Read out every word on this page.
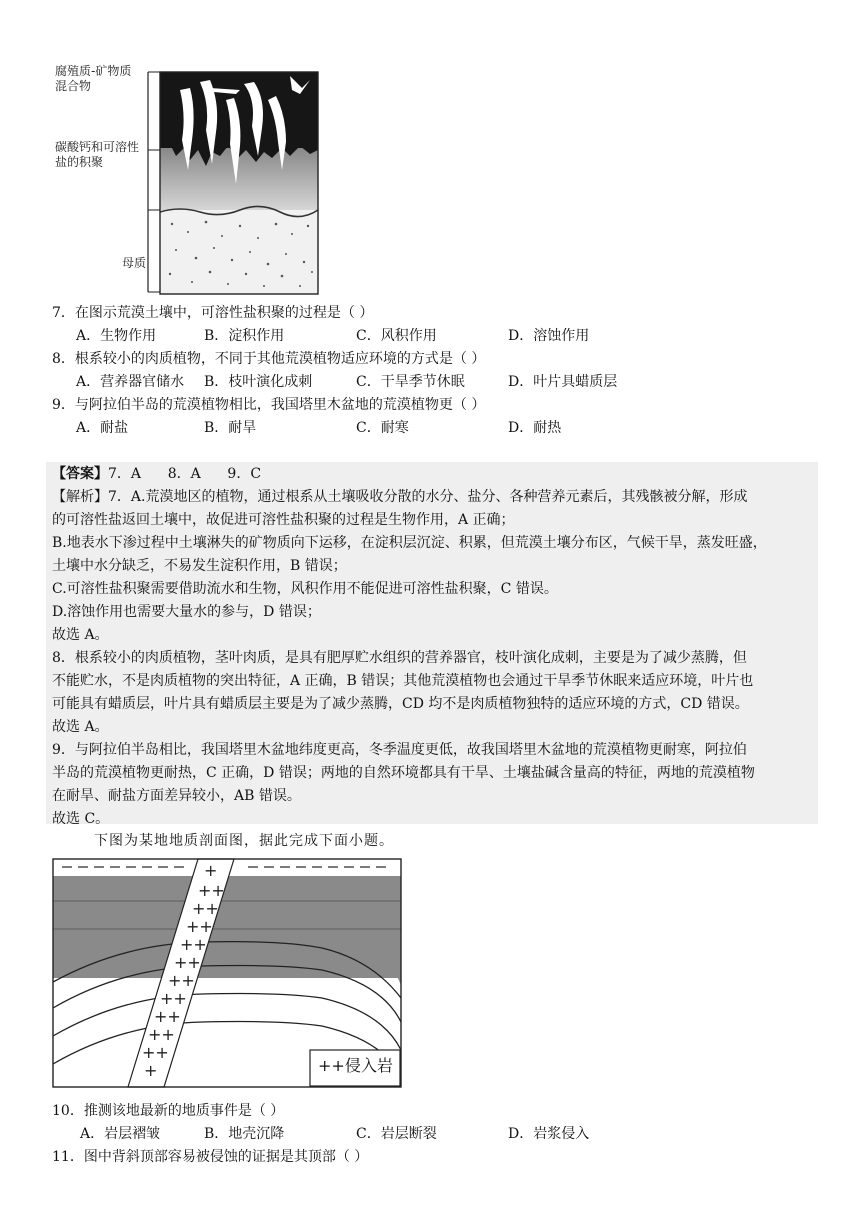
腐殖质-矿物质
混合物
碳酸钙和可溶性
盐的积聚
母质
7．在图示荒漠土壤中，可溶性盐积聚的过程是（ ）
A．生物作用	B．淀积作用	C．风积作用	D．溶蚀作用
8．根系较小的肉质植物，不同于其他荒漠植物适应环境的方式是（ ）
A．营养器官储水 B．枝叶演化成刺	C．干旱季节休眠	D．叶片具蜡质层
9．与阿拉伯半岛的荒漠植物相比，我国塔里木盆地的荒漠植物更（ ）
A．耐盐	B．耐旱	C．耐寒	D．耐热
【答案】7．A      8．A      9．C
【解析】7．A.荒漠地区的植物，通过根系从土壤吸收分散的水分、盐分、各种营养元素后，其残骸被分解，形成
的可溶性盐返回土壤中，故促进可溶性盐积聚的过程是生物作用，A 正确；
B.地表水下渗过程中土壤淋失的矿物质向下运移，在淀积层沉淀、积累，但荒漠土壤分布区，气候干旱，蒸发旺盛，
土壤中水分缺乏，不易发生淀积作用，B 错误；
C.可溶性盐积聚需要借助流水和生物，风积作用不能促进可溶性盐积聚，C 错误。
D.溶蚀作用也需要大量水的参与，D 错误；
故选 A。
8．根系较小的肉质植物，茎叶肉质，是具有肥厚贮水组织的营养器官，枝叶演化成刺，主要是为了减少蒸腾，但
不能贮水，不是肉质植物的突出特征，A 正确，B 错误；其他荒漠植物也会通过干旱季节休眠来适应环境，叶片也
可能具有蜡质层，叶片具有蜡质层主要是为了减少蒸腾，CD 均不是肉质植物独特的适应环境的方式，CD 错误。
故选 A。
9．与阿拉伯半岛相比，我国塔里木盆地纬度更高，冬季温度更低，故我国塔里木盆地的荒漠植物更耐寒，阿拉伯
半岛的荒漠植物更耐热，C 正确，D 错误；两地的自然环境都具有干旱、土壤盐碱含量高的特征，两地的荒漠植物
在耐旱、耐盐方面差异较小，AB 错误。
故选 C。
下图为某地地质剖面图，据此完成下面小题。
+
++
++
++
++
++
++
++
++
++
++
+	++侵入岩
10．推测该地最新的地质事件是（ ）
A．岩层褶皱	B．地壳沉降	C．岩层断裂	D．岩浆侵入
11．图中背斜顶部容易被侵蚀的证据是其顶部（ ）
